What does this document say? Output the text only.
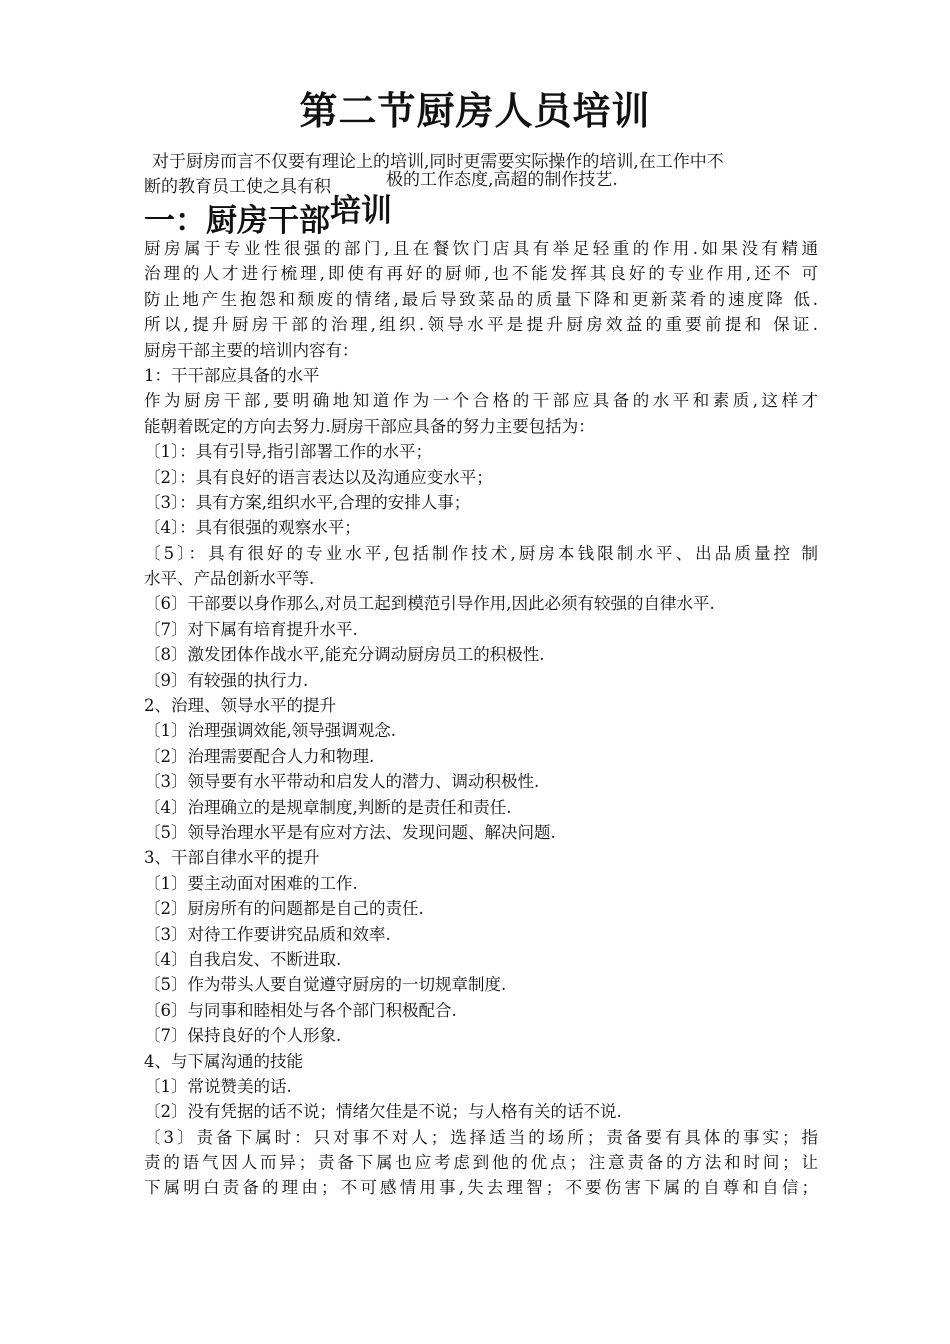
第二节厨房人员培训
对于厨房而言不仅要有理论上的培训,同时更需要实际操作的培训,在工作中不
断的教育员工使之具有积	极的工作态度,高超的制作技艺.
一：厨房干部培训
厨房属于专业性很强的部门,且在餐饮门店具有举足轻重的作用.如果没有精通
治理的人才进行梳理,即使有再好的厨师,也不能发挥其良好的专业作用,还不 可
防止地产生抱怨和颓废的情绪,最后导致菜品的质量下降和更新菜肴的速度降 低.
所以,提升厨房干部的治理,组织.领导水平是提升厨房效益的重要前提和 保证.
厨房干部主要的培训内容有：
1：干干部应具备的水平
作为厨房干部,要明确地知道作为一个合格的干部应具备的水平和素质,这样才
能朝着既定的方向去努力.厨房干部应具备的努力主要包括为：
〔1〕：具有引导,指引部署工作的水平；
〔2〕：具有良好的语言表达以及沟通应变水平；
〔3〕：具有方案,组织水平,合理的安排人事；
〔4〕：具有很强的观察水平；
〔5〕：具有很好的专业水平,包括制作技术,厨房本钱限制水平、出品质量控 制
水平、产品创新水平等.
〔6〕干部要以身作那么,对员工起到模范引导作用,因此必须有较强的自律水平.
〔7〕对下属有培育提升水平.
〔8〕激发团体作战水平,能充分调动厨房员工的积极性.
〔9〕有较强的执行力.
2、治理、领导水平的提升
〔1〕治理强调效能,领导强调观念.
〔2〕治理需要配合人力和物理.
〔3〕领导要有水平带动和启发人的潜力、调动积极性.
〔4〕治理确立的是规章制度,判断的是责任和责任.
〔5〕领导治理水平是有应对方法、发现问题、解决问题.
3、干部自律水平的提升
〔1〕要主动面对困难的工作.
〔2〕厨房所有的问题都是自己的责任.
〔3〕对待工作要讲究品质和效率.
〔4〕自我启发、不断进取.
〔5〕作为带头人要自觉遵守厨房的一切规章制度.
〔6〕与同事和睦相处与各个部门积极配合.
〔7〕保持良好的个人形象.
4、与下属沟通的技能
〔1〕常说赞美的话.
〔2〕没有凭据的话不说；情绪欠佳是不说；与人格有关的话不说.
〔3〕责备下属时：只对事不对人；选择适当的场所；责备要有具体的事实；指
责的语气因人而异；责备下属也应考虑到他的优点；注意责备的方法和时间；让
下属明白责备的理由；不可感情用事,失去理智；不要伤害下属的自尊和自信；
